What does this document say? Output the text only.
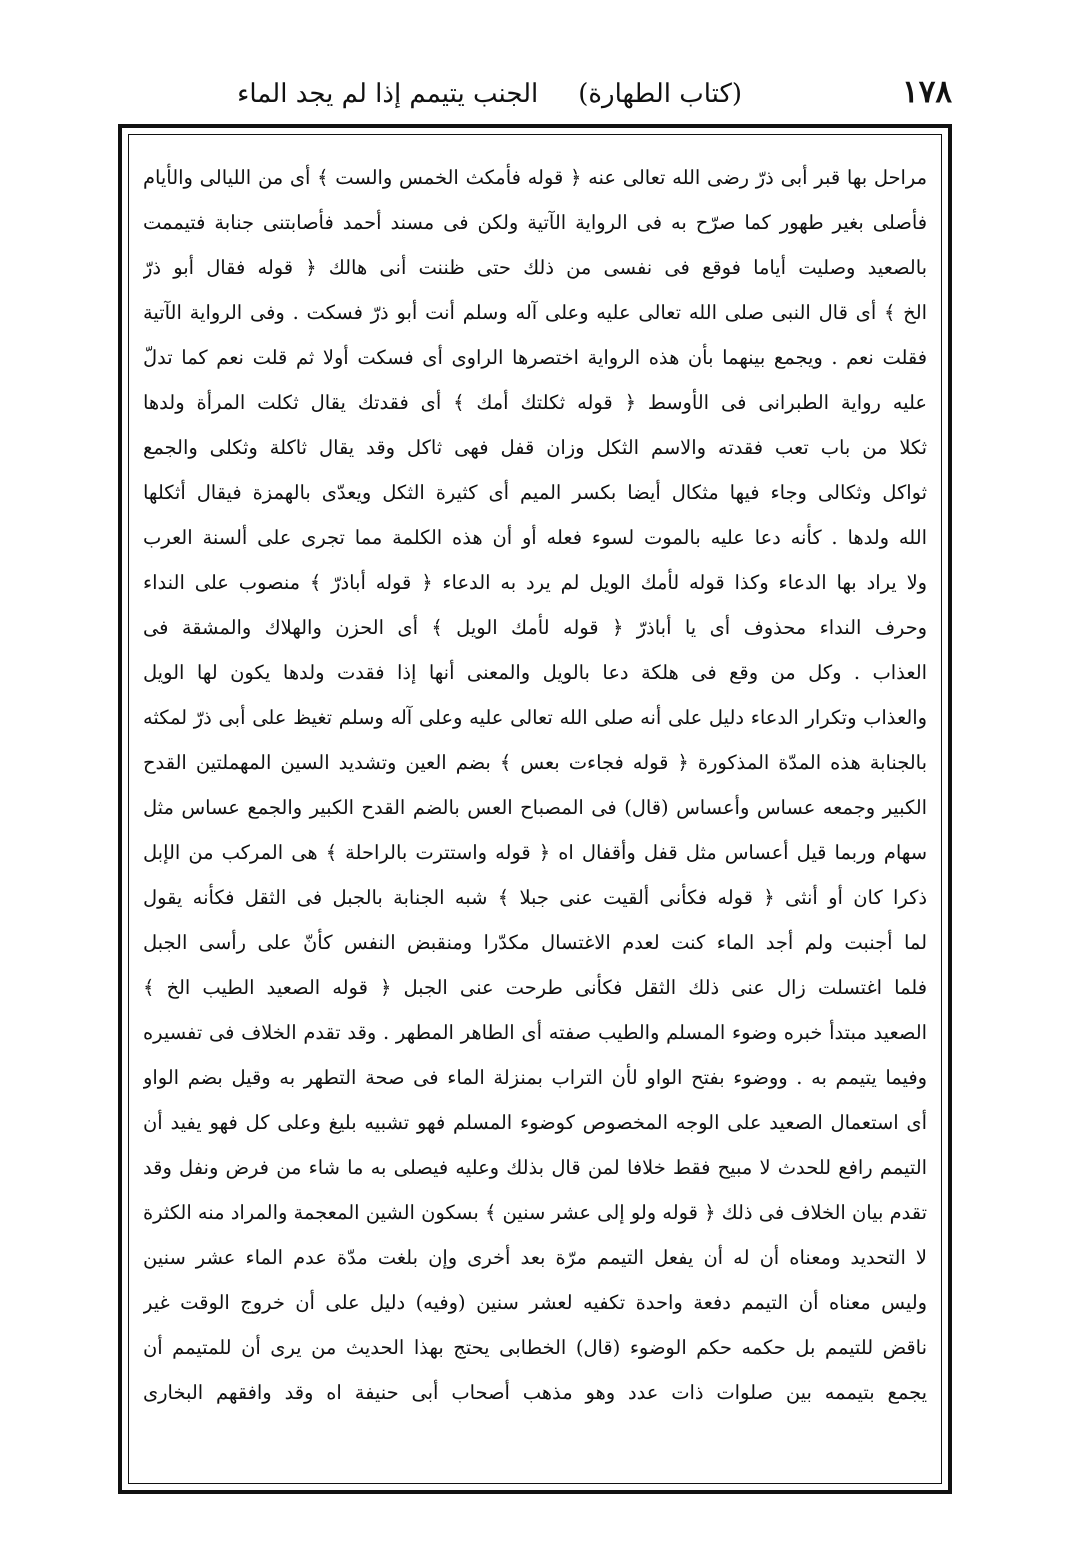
١٧٨
(كتاب الطهارة)الجنب يتيمم إذا لم يجد الماء
مراحل بها قبر أبى ذرّ رضى الله تعالى عنه ﴿ قوله فأمكث الخمس والست ﴾ أى من الليالى والأيام
فأصلى بغير طهور كما صرّح به فى الرواية الآتية ولكن فى مسند أحمد فأصابتنى جنابة فتيممت
بالصعيد وصليت أياما فوقع فى نفسى من ذلك حتى ظننت أنى هالك ﴿ قوله فقال أبو ذرّ
الخ ﴾ أى قال النبى صلى الله تعالى عليه وعلى آله وسلم أنت أبو ذرّ فسكت . وفى الرواية الآتية
فقلت نعم . ويجمع بينهما بأن هذه الرواية اختصرها الراوى أى فسكت أولا ثم قلت نعم كما تدلّ
عليه رواية الطبرانى فى الأوسط ﴿ قوله ثكلتك أمك ﴾ أى فقدتك يقال ثكلت المرأة ولدها
ثكلا من باب تعب فقدته والاسم الثكل وزان قفل فهى ثاكل وقد يقال ثاكلة وثكلى والجمع
ثواكل وثكالى وجاء فيها مثكال أيضا بكسر الميم أى كثيرة الثكل ويعدّى بالهمزة فيقال أثكلها
الله ولدها . كأنه دعا عليه بالموت لسوء فعله أو أن هذه الكلمة مما تجرى على ألسنة العرب
ولا يراد بها الدعاء وكذا قوله لأمك الويل لم يرد به الدعاء ﴿ قوله أباذرّ ﴾ منصوب على النداء
وحرف النداء محذوف أى يا أباذرّ ﴿ قوله لأمك الويل ﴾ أى الحزن والهلاك والمشقة فى
العذاب . وكل من وقع فى هلكة دعا بالويل والمعنى أنها إذا فقدت ولدها يكون لها الويل
والعذاب وتكرار الدعاء دليل على أنه صلى الله تعالى عليه وعلى آله وسلم تغيظ على أبى ذرّ لمكثه
بالجنابة هذه المدّة المذكورة ﴿ قوله فجاءت بعس ﴾ بضم العين وتشديد السين المهملتين القدح
الكبير وجمعه عساس وأعساس (قال) فى المصباح العس بالضم القدح الكبير والجمع عساس مثل
سهام وربما قيل أعساس مثل قفل وأقفال اه ﴿ قوله واستترت بالراحلة ﴾ هى المركب من الإبل
ذكرا كان أو أنثى ﴿ قوله فكأنى ألقيت عنى جبلا ﴾ شبه الجنابة بالجبل فى الثقل فكأنه يقول
لما أجنبت ولم أجد الماء كنت لعدم الاغتسال مكدّرا ومنقبض النفس كأنّ على رأسى الجبل
فلما اغتسلت زال عنى ذلك الثقل فكأنى طرحت عنى الجبل ﴿ قوله الصعيد الطيب الخ ﴾
الصعيد مبتدأ خبره وضوء المسلم والطيب صفته أى الطاهر المطهر . وقد تقدم الخلاف فى تفسيره
وفيما يتيمم به . ووضوء بفتح الواو لأن التراب بمنزلة الماء فى صحة التطهر به وقيل بضم الواو
أى استعمال الصعيد على الوجه المخصوص كوضوء المسلم فهو تشبيه بليغ وعلى كل فهو يفيد أن
التيمم رافع للحدث لا مبيح فقط خلافا لمن قال بذلك وعليه فيصلى به ما شاء من فرض ونفل وقد
تقدم بيان الخلاف فى ذلك ﴿ قوله ولو إلى عشر سنين ﴾ بسكون الشين المعجمة والمراد منه الكثرة
لا التحديد ومعناه أن له أن يفعل التيمم مرّة بعد أخرى وإن بلغت مدّة عدم الماء عشر سنين
وليس معناه أن التيمم دفعة واحدة تكفيه لعشر سنين (وفيه) دليل على أن خروج الوقت غير
ناقض للتيمم بل حكمه حكم الوضوء (قال) الخطابى يحتج بهذا الحديث من يرى أن للمتيمم أن
يجمع بتيممه بين صلوات ذات عدد وهو مذهب أصحاب أبى حنيفة اه وقد وافقهم البخارى
